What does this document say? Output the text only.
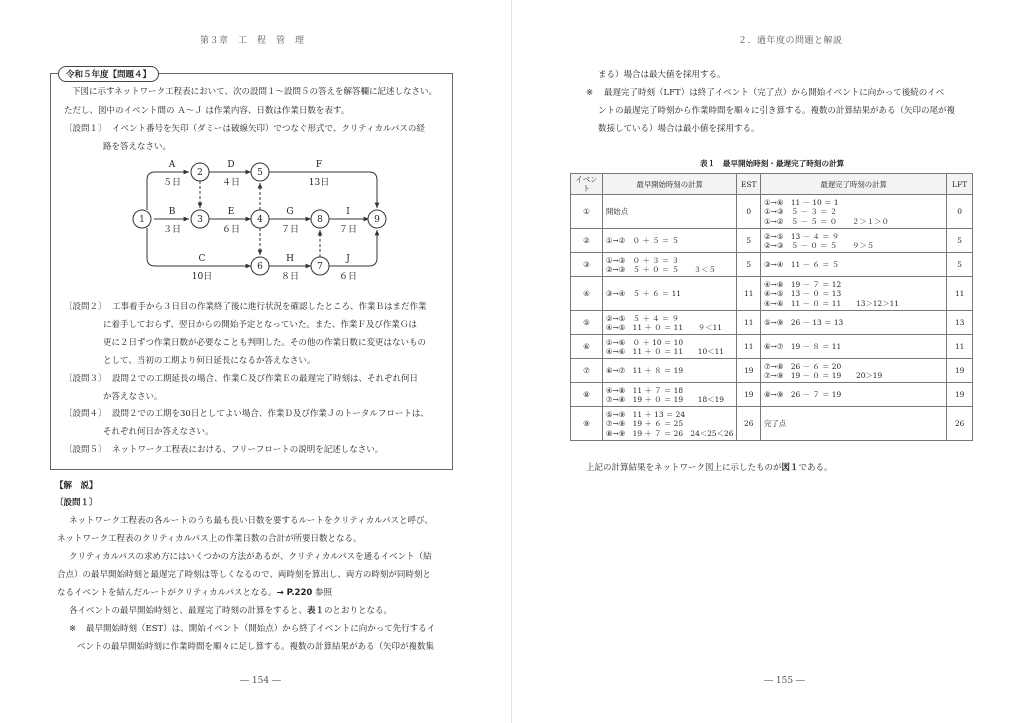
第３章　工　程　管　理
令和５年度【問題４】
下図に示すネットワーク工程表において、次の設問１～設問５の答えを解答欄に記述しなさい。
ただし、図中のイベント間の Ａ～Ｊ は作業内容、日数は作業日数を表す。
〔設問１〕 イベント番号を矢印（ダミーは破線矢印）でつなぐ形式で、クリティカルパスの経
路を答えなさい。
1
2
3	4
5
6	7
8	9
A
５日
B
３日
C
10日
D
４日
E
６日
F
13日
G
７日
H
８日
I
７日
J
６日
〔設問２〕 工事着手から３日目の作業終了後に進行状況を確認したところ、作業Ｂはまだ作業
に着手しておらず、翌日からの開始予定となっていた。また、作業Ｆ及び作業Ｇは
更に２日ずつ作業日数が必要なことも判明した。その他の作業日数に変更はないもの
として、当初の工期より何日延長になるか答えなさい。
〔設問３〕 設問２での工期延長の場合、作業Ｃ及び作業Ｅの最遅完了時刻は、それぞれ何日
か答えなさい。
〔設問４〕 設問２での工期を30日としてよい場合、作業Ｄ及び作業Ｊのトータルフロートは、
それぞれ何日か答えなさい。
〔設問５〕 ネットワーク工程表における、フリーフロートの説明を記述しなさい。
【解　説】
〔設問１〕
ネットワーク工程表の各ルートのうち最も長い日数を要するルートをクリティカルパスと呼び、
ネットワーク工程表のクリティカルパス上の作業日数の合計が所要日数となる。
クリティカルパスの求め方にはいくつかの方法があるが、クリティカルパスを通るイベント（結
合点）の最早開始時刻と最遅完了時刻は等しくなるので、両時刻を算出し、両方の時刻が同時刻と
なるイベントを結んだルートがクリティカルパスとなる。→ P.220 参照
各イベントの最早開始時刻と、最遅完了時刻の計算をすると、表１のとおりとなる。
※ 最早開始時刻（EST）は、開始イベント（開始点）から終了イベントに向かって先行するイ
ベントの最早開始時刻に作業時間を順々に足し算する。複数の計算結果がある（矢印が複数集
― 154 ―
２．過年度の問題と解説
― 155 ―
まる）場合は最大値を採用する。
※ 最遅完了時刻（LFT）は終了イベント（完了点）から開始イベントに向かって後続のイベ
ントの最遅完了時刻から作業時間を順々に引き算する。複数の計算結果がある（矢印の尾が複
数接している）場合は最小値を採用する。
表１　最早開始時刻・最遅完了時刻の計算
イベント	最早開始時刻の計算	EST	最遅完了時刻の計算	LFT
①	開始点	0	①→⑥　11 － 10 ＝ 1
①→③　５ － ３ ＝ ２
①→②　５ － ５ ＝ ０　　２＞１＞０	0
②	①→②　０ ＋ ５ ＝ ５	5	②→⑤　13 － ４ ＝ ９
②→③　５ － ０ ＝ ５　　９＞５	5
③	①→③　０ ＋ ３ ＝ ３
②→③　５ ＋ ０ ＝ ５　　３＜５	5	③→④　11 － ６ ＝ ５	5
④	③→④　５ ＋ ６ ＝ 11	11	④→⑧　19 － ７ ＝ 12
④→⑤　13 － ０ ＝ 13
④→⑥　11 － ０ ＝ 11　　13＞12＞11	11
⑤	②→⑤　５ ＋ ４ ＝ ９
④→⑤　11 ＋ ０ ＝ 11　　９＜11	11	⑤→⑨　26 － 13 ＝ 13	13
⑥	①→⑥　０ ＋ 10 ＝ 10
④→⑥　11 ＋ ０ ＝ 11　　10＜11	11	⑥→⑦　19 － ８ ＝ 11	11
⑦	⑥→⑦　11 ＋ ８ ＝ 19	19	⑦→⑧　26 － ６ ＝ 20
⑦→⑨　19 － ０ ＝ 19　　20＞19	19
⑧	④→⑧　11 ＋ ７ ＝ 18
⑦→⑧　19 ＋ ０ ＝ 19　　18＜19	19	⑧→⑨　26 － ７ ＝ 19	19
⑨	⑤→⑨　11 ＋ 13 ＝ 24
⑦→⑨　19 ＋ ６ ＝ 25
⑧→⑨　19 ＋ ７ ＝ 26　24＜25＜26	26	完了点	26
上記の計算結果をネットワーク図上に示したものが図１である。
